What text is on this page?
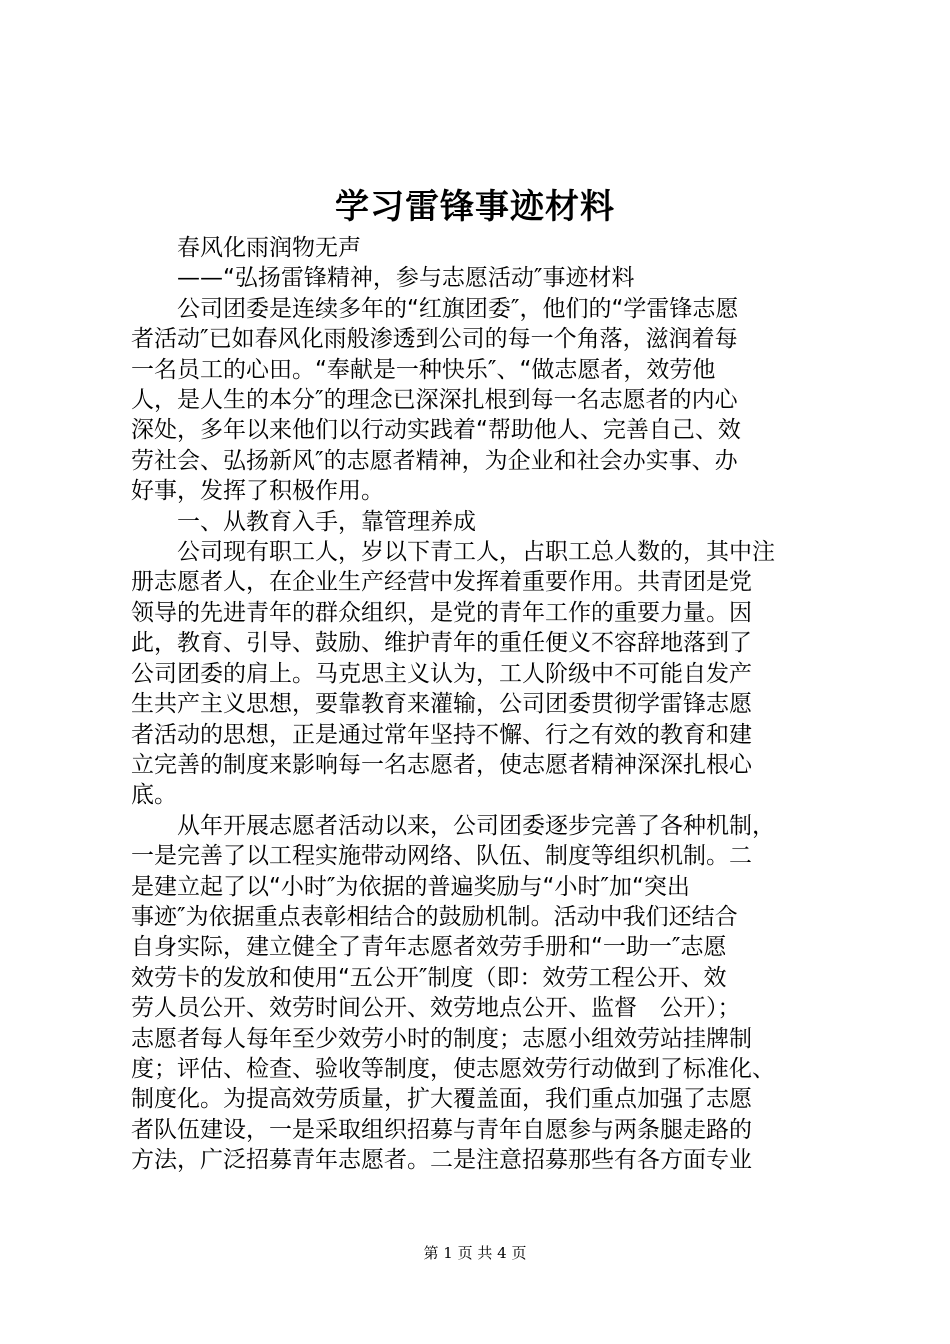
学习雷锋事迹材料
春风化雨润物无声
——“弘扬雷锋精神，参与志愿活动″事迹材料
公司团委是连续多年的“红旗团委″，他们的“学雷锋志愿
者活动″已如春风化雨般渗透到公司的每一个角落，滋润着每
一名员工的心田。“奉献是一种快乐″、“做志愿者，效劳他
人，是人生的本分″的理念已深深扎根到每一名志愿者的内心
深处，多年以来他们以行动实践着“帮助他人、完善自己、效
劳社会、弘扬新风″的志愿者精神，为企业和社会办实事、办
好事，发挥了积极作用。
一、从教育入手，靠管理养成
公司现有职工人，岁以下青工人，占职工总人数的，其中注
册志愿者人，在企业生产经营中发挥着重要作用。共青团是党
领导的先进青年的群众组织，是党的青年工作的重要力量。因
此，教育、引导、鼓励、维护青年的重任便义不容辞地落到了
公司团委的肩上。马克思主义认为，工人阶级中不可能自发产
生共产主义思想，要靠教育来灌输，公司团委贯彻学雷锋志愿
者活动的思想，正是通过常年坚持不懈、行之有效的教育和建
立完善的制度来影响每一名志愿者，使志愿者精神深深扎根心
底。
从年开展志愿者活动以来，公司团委逐步完善了各种机制，
一是完善了以工程实施带动网络、队伍、制度等组织机制。二
是建立起了以“小时″为依据的普遍奖励与“小时″加“突出
事迹″为依据重点表彰相结合的鼓励机制。活动中我们还结合
自身实际，建立健全了青年志愿者效劳手册和“一助一″志愿
效劳卡的发放和使用“五公开″制度（即：效劳工程公开、效
劳人员公开、效劳时间公开、效劳地点公开、监督　公开）；
志愿者每人每年至少效劳小时的制度；志愿小组效劳站挂牌制
度；评估、检查、验收等制度，使志愿效劳行动做到了标准化、
制度化。为提高效劳质量，扩大覆盖面，我们重点加强了志愿
者队伍建设，一是采取组织招募与青年自愿参与两条腿走路的
方法，广泛招募青年志愿者。二是注意招募那些有各方面专业
第 1 页 共 4 页
